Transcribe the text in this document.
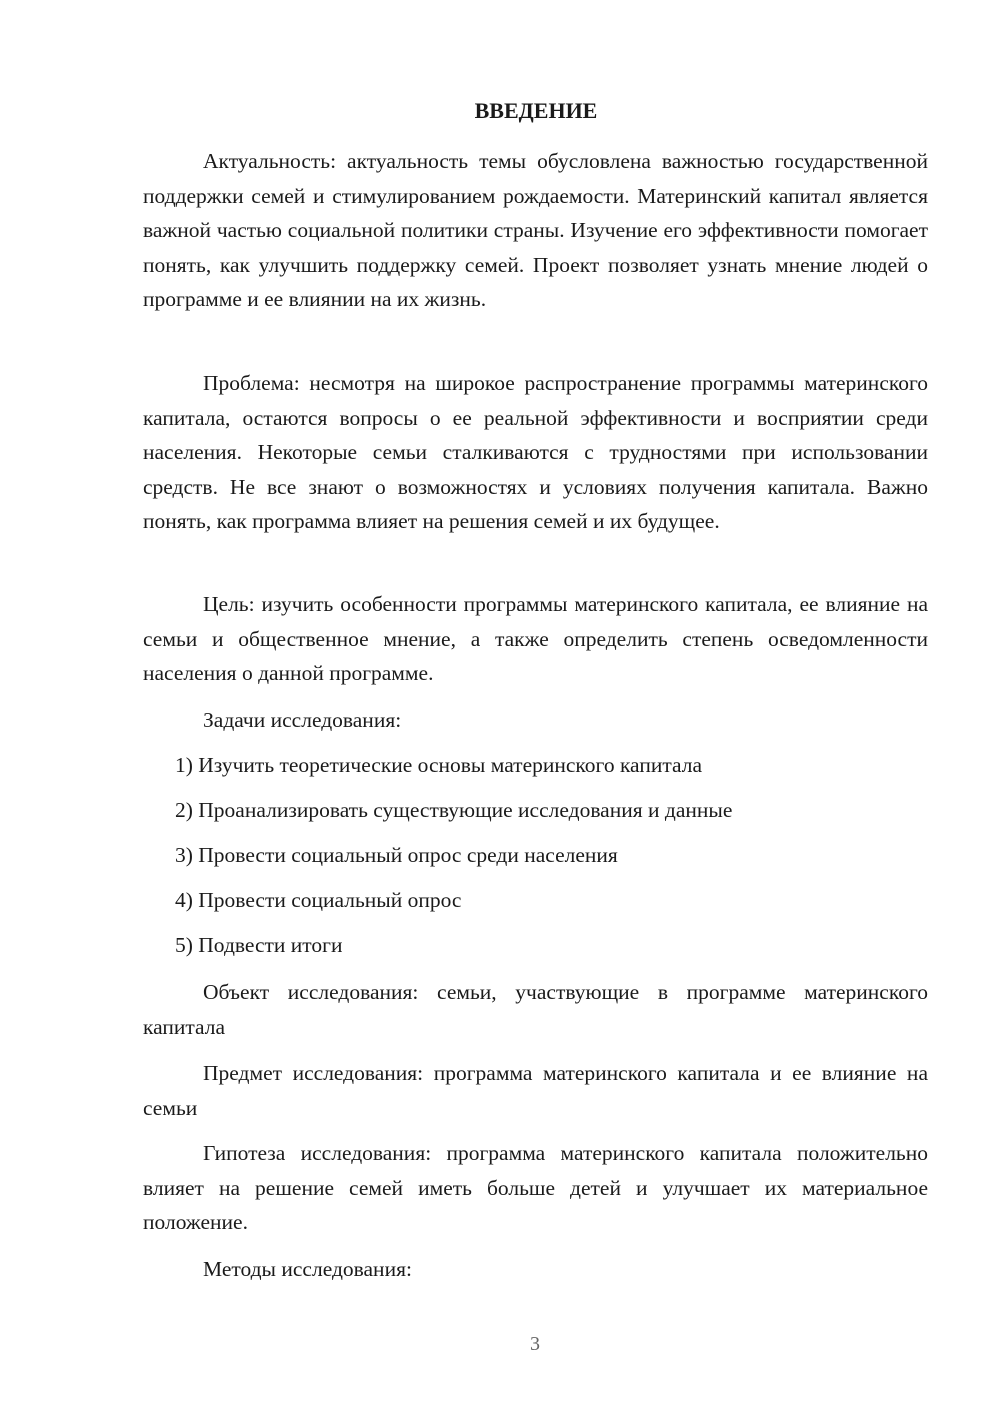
ВВЕДЕНИЕ

Актуальность: актуальность темы обусловлена важностью государственной поддержки семей и стимулированием рождаемости. Материнский капитал является важной частью социальной политики страны. Изучение его эффективности помогает понять, как улучшить поддержку семей. Проект позволяет узнать мнение людей о программе и ее влиянии на их жизнь.

Проблема: несмотря на широкое распространение программы материнского капитала, остаются вопросы о ее реальной эффективности и восприятии среди населения. Некоторые семьи сталкиваются с трудностями при использовании средств. Не все знают о возможностях и условиях получения капитала. Важно понять, как программа влияет на решения семей и их будущее.

Цель: изучить особенности программы материнского капитала, ее влияние на семьи и общественное мнение, а также определить степень осведомленности населения о данной программе.

Задачи исследования:
1) Изучить теоретические основы материнского капитала
2) Проанализировать существующие исследования и данные
3) Провести социальный опрос среди населения
4) Провести социальный опрос
5) Подвести итоги

Объект исследования: семьи, участвующие в программе материнского капитала

Предмет исследования: программа материнского капитала и ее влияние на семьи

Гипотеза исследования: программа материнского капитала положительно влияет на решение семей иметь больше детей и улучшает их материальное положение.

Методы исследования:
3
